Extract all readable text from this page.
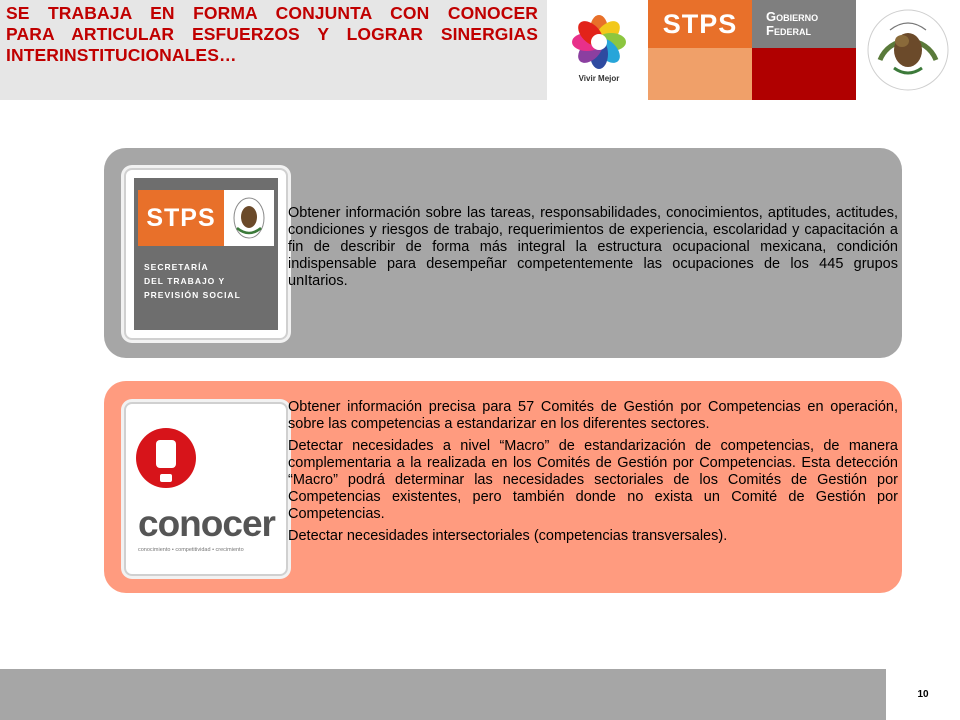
SE TRABAJA EN FORMA CONJUNTA CON CONOCER
PARA ARTICULAR ESFUERZOS Y LOGRAR SINERGIAS
INTERINSTITUCIONALES…
Vivir Mejor
STPS	Gobierno
Federal
STPS
SECRETARÍA
DEL TRABAJO Y
PREVISIÓN SOCIAL
Obtener información sobre las tareas, responsabilidades, conocimientos, aptitudes, actitudes, condiciones y riesgos de trabajo, requerimientos de experiencia, escolaridad y capacitación a fin de describir de forma más integral la estructura ocupacional mexicana, condición indispensable para desempeñar competentemente las ocupaciones de los 445 grupos unItarios.
conocer
conocimiento • competitividad • crecimiento

Obtener información precisa para 57 Comités de Gestión por Competencias en operación, sobre las competencias a estandarizar en los diferentes sectores.

Detectar necesidades a nivel “Macro” de estandarización de competencias, de manera complementaria a la realizada en los Comités de Gestión por Competencias. Esta detección “Macro” podrá determinar las necesidades sectoriales de los Comités de Gestión por Competencias existentes, pero también donde no exista un Comité de Gestión por Competencias.

Detectar necesidades intersectoriales (competencias transversales).

10
